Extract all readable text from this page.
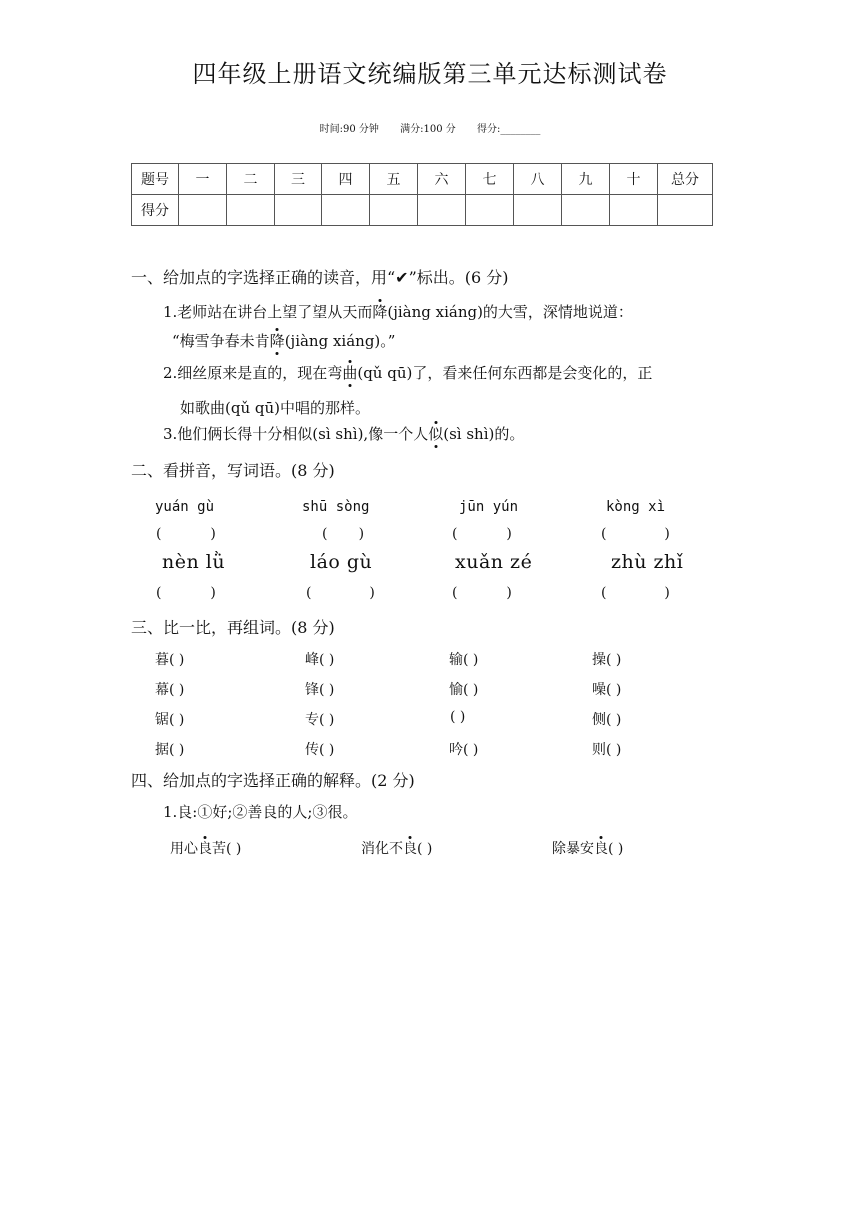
四年级上册语文统编版第三单元达标测试卷
时间:90 分钟 满分:100 分 得分:________
题号	一	二	三	四	五	六	七	八	九	十	总分
得分											
一、给加点的字选择正确的读音，用“✔”标出。(6 分)
1.老师站在讲台上望了望从天而降(jiàng xiáng)的大雪，深情地说道：
“梅雪争春未肯降(jiàng xiáng)。”
2.细丝原来是直的，现在弯曲(qǔ qū)了，看来任何东西都是会变化的，正
如歌曲(qǔ qū)中唱的那样。
3.他们俩长得十分相似(sì shì),像一个人似(sì shì)的。
二、看拼音，写词语。(8 分)
yuán gù	shū sòng	jūn yún	kòng xì
(           )	(       )	(           )	(             )
nèn lǜ	láo gù	xuǎn zé	zhù zhǐ
(           )	(             )	(           )	(             )
三、比一比，再组词。(8 分)
暮( )	峰( )	输( )	操( )
幕( )	锋( )	愉( )	噪( )
锯( )	专( )	( )	侧( )
据( )	传( )	吟( )	则( )
四、给加点的字选择正确的解释。(2 分)
1.良:①好;②善良的人;③很。
用心良苦( )	消化不良( )	除暴安良( )
